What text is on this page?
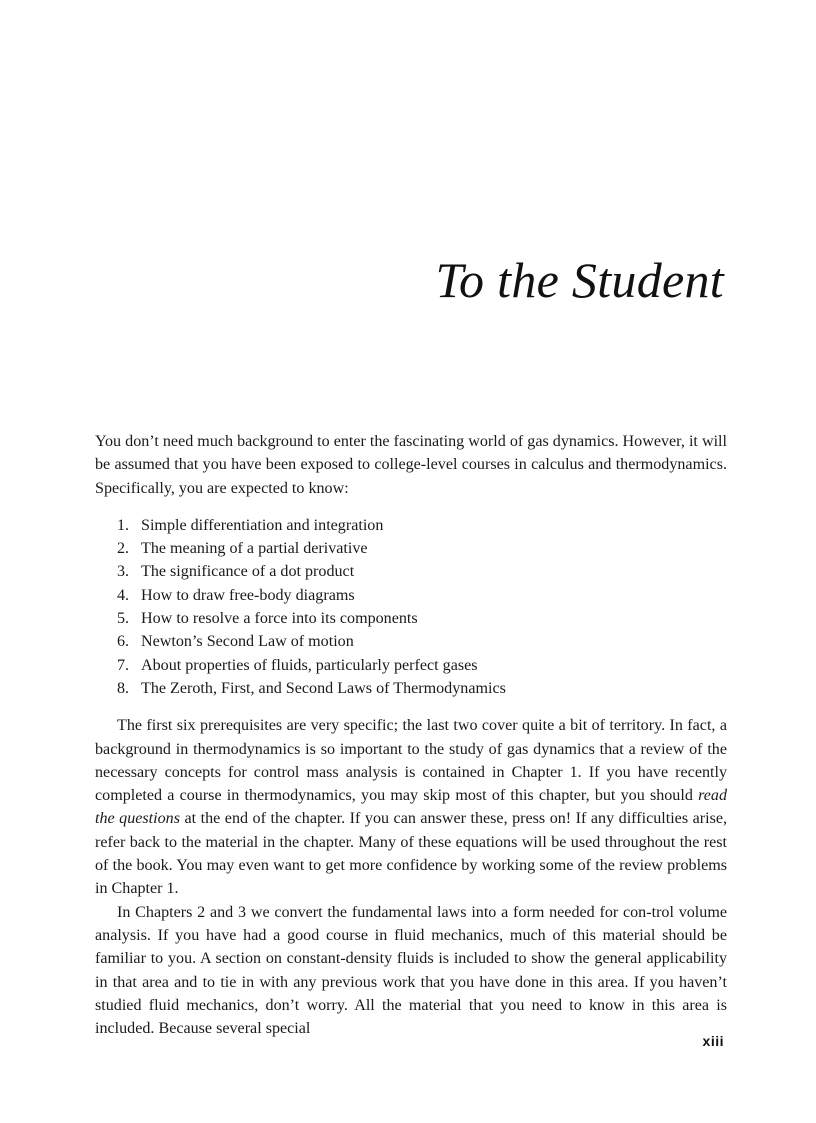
To the Student

You don’t need much background to enter the fascinating world of gas dynamics. However, it will be assumed that you have been exposed to college-level courses in calculus and thermodynamics. Specifically, you are expected to know:

1. Simple differentiation and integration
2. The meaning of a partial derivative
3. The significance of a dot product
4. How to draw free-body diagrams
5. How to resolve a force into its components
6. Newton’s Second Law of motion
7. About properties of fluids, particularly perfect gases
8. The Zeroth, First, and Second Laws of Thermodynamics

The first six prerequisites are very specific; the last two cover quite a bit of territory. In fact, a background in thermodynamics is so important to the study of gas dynamics that a review of the necessary concepts for control mass analysis is contained in Chapter 1. If you have recently completed a course in thermodynamics, you may skip most of this chapter, but you should read the questions at the end of the chapter. If you can answer these, press on! If any difficulties arise, refer back to the material in the chapter. Many of these equations will be used throughout the rest of the book. You may even want to get more confidence by working some of the review problems in Chapter 1.

In Chapters 2 and 3 we convert the fundamental laws into a form needed for con-trol volume analysis. If you have had a good course in fluid mechanics, much of this material should be familiar to you. A section on constant-density fluids is included to show the general applicability in that area and to tie in with any previous work that you have done in this area. If you haven’t studied fluid mechanics, don’t worry. All the material that you need to know in this area is included. Because several special

xiii
